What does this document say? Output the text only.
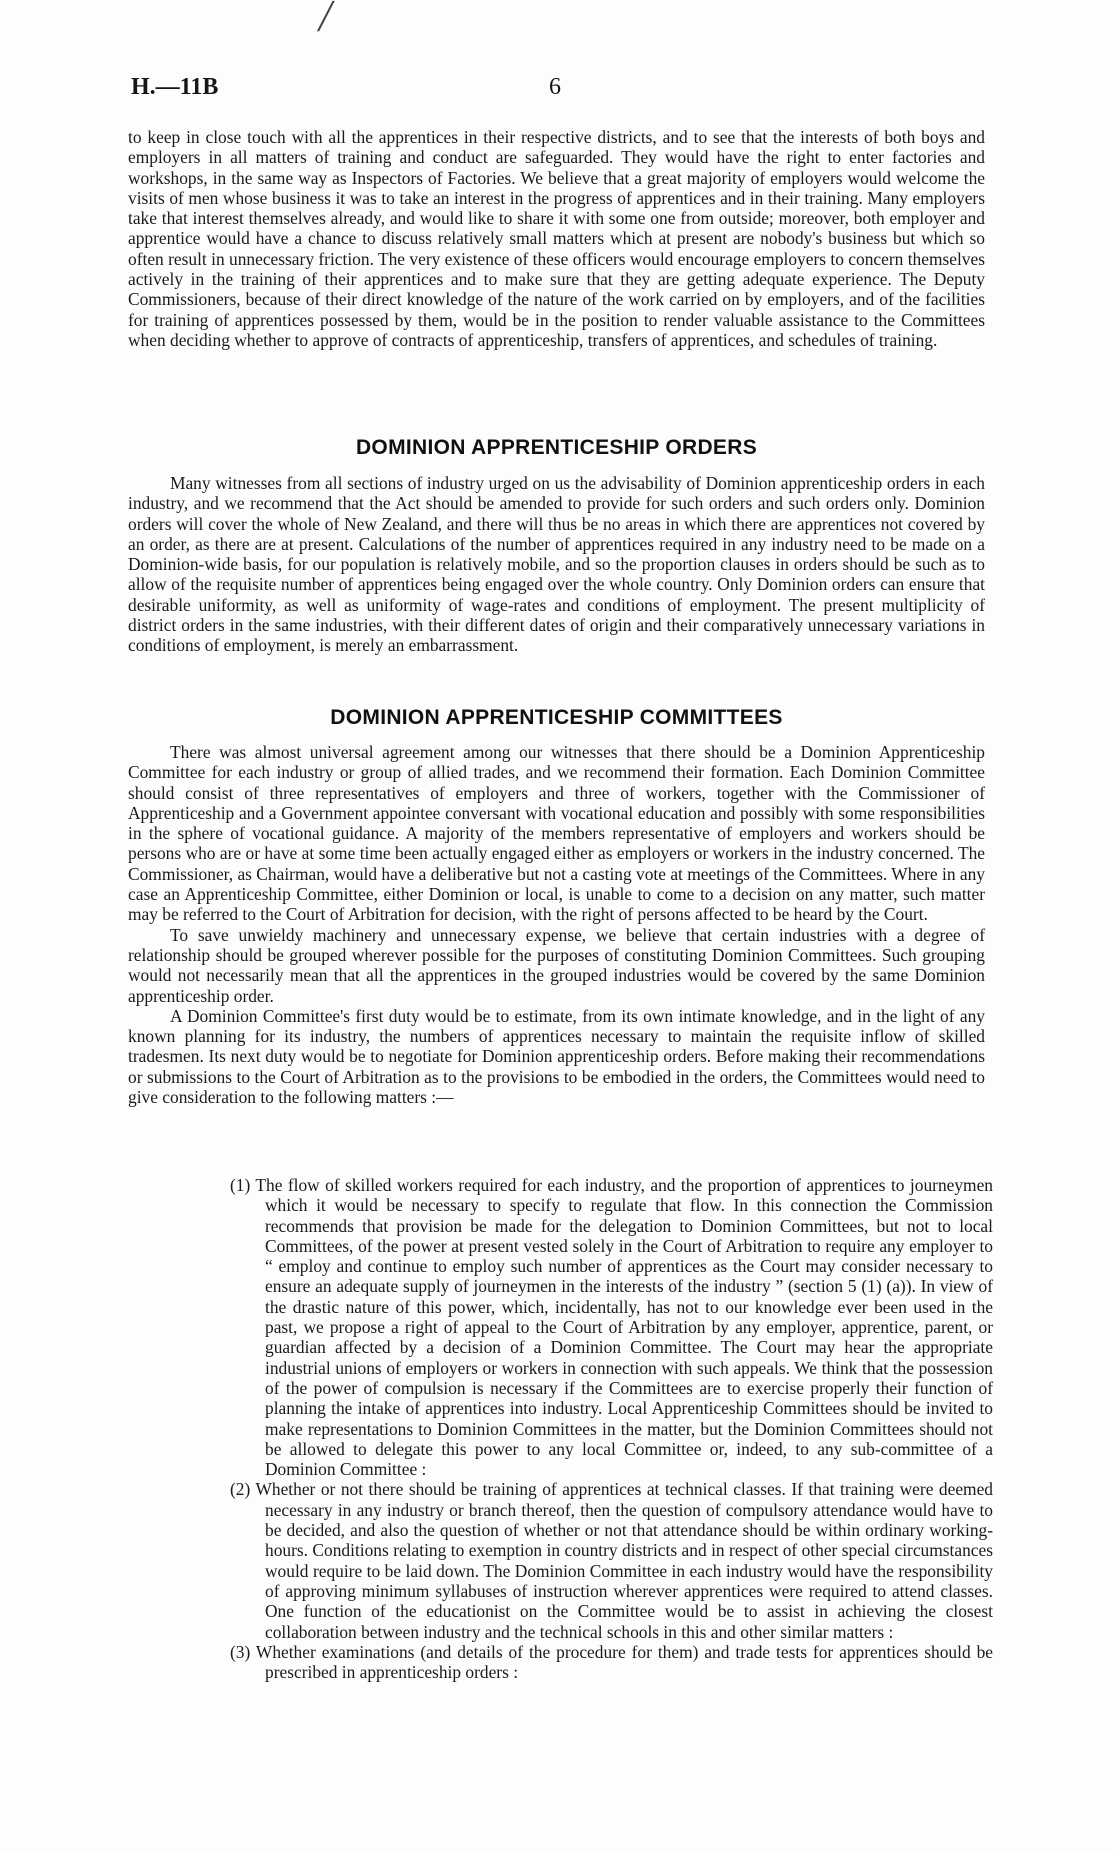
╱
H.—11B	6

to keep in close touch with all the apprentices in their respective districts, and to see that the interests of both boys and employers in all matters of training and conduct are safeguarded. They would have the right to enter factories and workshops, in the same way as Inspectors of Factories. We believe that a great majority of employers would welcome the visits of men whose business it was to take an interest in the progress of apprentices and in their training. Many employers take that interest themselves already, and would like to share it with some one from outside; moreover, both employer and apprentice would have a chance to discuss relatively small matters which at present are nobody's business but which so often result in unnecessary friction. The very existence of these officers would encourage employers to concern themselves actively in the training of their apprentices and to make sure that they are getting adequate experience. The Deputy Commissioners, because of their direct knowledge of the nature of the work carried on by employers, and of the facilities for training of apprentices possessed by them, would be in the position to render valuable assistance to the Committees when deciding whether to approve of contracts of apprenticeship, transfers of apprentices, and schedules of training.

DOMINION APPRENTICESHIP ORDERS

Many witnesses from all sections of industry urged on us the advisability of Dominion apprenticeship orders in each industry, and we recommend that the Act should be amended to provide for such orders and such orders only. Dominion orders will cover the whole of New Zealand, and there will thus be no areas in which there are apprentices not covered by an order, as there are at present. Calculations of the number of apprentices required in any industry need to be made on a Dominion-wide basis, for our population is relatively mobile, and so the proportion clauses in orders should be such as to allow of the requisite number of apprentices being engaged over the whole country. Only Dominion orders can ensure that desirable uniformity, as well as uniformity of wage-rates and conditions of employment. The present multiplicity of district orders in the same industries, with their different dates of origin and their comparatively unnecessary variations in conditions of employment, is merely an embarrassment.

DOMINION APPRENTICESHIP COMMITTEES

There was almost universal agreement among our witnesses that there should be a Dominion Apprenticeship Committee for each industry or group of allied trades, and we recommend their formation. Each Dominion Committee should consist of three representatives of employers and three of workers, together with the Commissioner of Apprenticeship and a Government appointee conversant with vocational education and possibly with some responsibilities in the sphere of vocational guidance. A majority of the members representative of employers and workers should be persons who are or have at some time been actually engaged either as employers or workers in the industry concerned. The Commissioner, as Chairman, would have a deliberative but not a casting vote at meetings of the Committees. Where in any case an Apprenticeship Committee, either Dominion or local, is unable to come to a decision on any matter, such matter may be referred to the Court of Arbitration for decision, with the right of persons affected to be heard by the Court.

To save unwieldy machinery and unnecessary expense, we believe that certain industries with a degree of relationship should be grouped wherever possible for the purposes of constituting Dominion Committees. Such grouping would not necessarily mean that all the apprentices in the grouped industries would be covered by the same Dominion apprenticeship order.

A Dominion Committee's first duty would be to estimate, from its own intimate knowledge, and in the light of any known planning for its industry, the numbers of apprentices necessary to maintain the requisite inflow of skilled tradesmen. Its next duty would be to negotiate for Dominion apprenticeship orders. Before making their recommendations or submissions to the Court of Arbitration as to the provisions to be embodied in the orders, the Committees would need to give consideration to the following matters :—

(1) The flow of skilled workers required for each industry, and the proportion of apprentices to journeymen which it would be necessary to specify to regulate that flow. In this connection the Commission recommends that provision be made for the delegation to Dominion Committees, but not to local Committees, of the power at present vested solely in the Court of Arbitration to require any employer to “ employ and continue to employ such number of apprentices as the Court may consider necessary to ensure an adequate supply of journeymen in the interests of the industry ” (section 5 (1) (a)). In view of the drastic nature of this power, which, incidentally, has not to our knowledge ever been used in the past, we propose a right of appeal to the Court of Arbitration by any employer, apprentice, parent, or guardian affected by a decision of a Dominion Committee. The Court may hear the appropriate industrial unions of employers or workers in connection with such appeals. We think that the possession of the power of compulsion is necessary if the Committees are to exercise properly their function of planning the intake of apprentices into industry. Local Apprenticeship Committees should be invited to make representations to Dominion Committees in the matter, but the Dominion Committees should not be allowed to delegate this power to any local Committee or, indeed, to any sub-committee of a Dominion Committee :

(2) Whether or not there should be training of apprentices at technical classes. If that training were deemed necessary in any industry or branch thereof, then the question of compulsory attendance would have to be decided, and also the question of whether or not that attendance should be within ordinary working-hours. Conditions relating to exemption in country districts and in respect of other special circumstances would require to be laid down. The Dominion Committee in each industry would have the responsibility of approving minimum syllabuses of instruction wherever apprentices were required to attend classes. One function of the educationist on the Committee would be to assist in achieving the closest collaboration between industry and the technical schools in this and other similar matters :

(3) Whether examinations (and details of the procedure for them) and trade tests for apprentices should be prescribed in apprenticeship orders :
